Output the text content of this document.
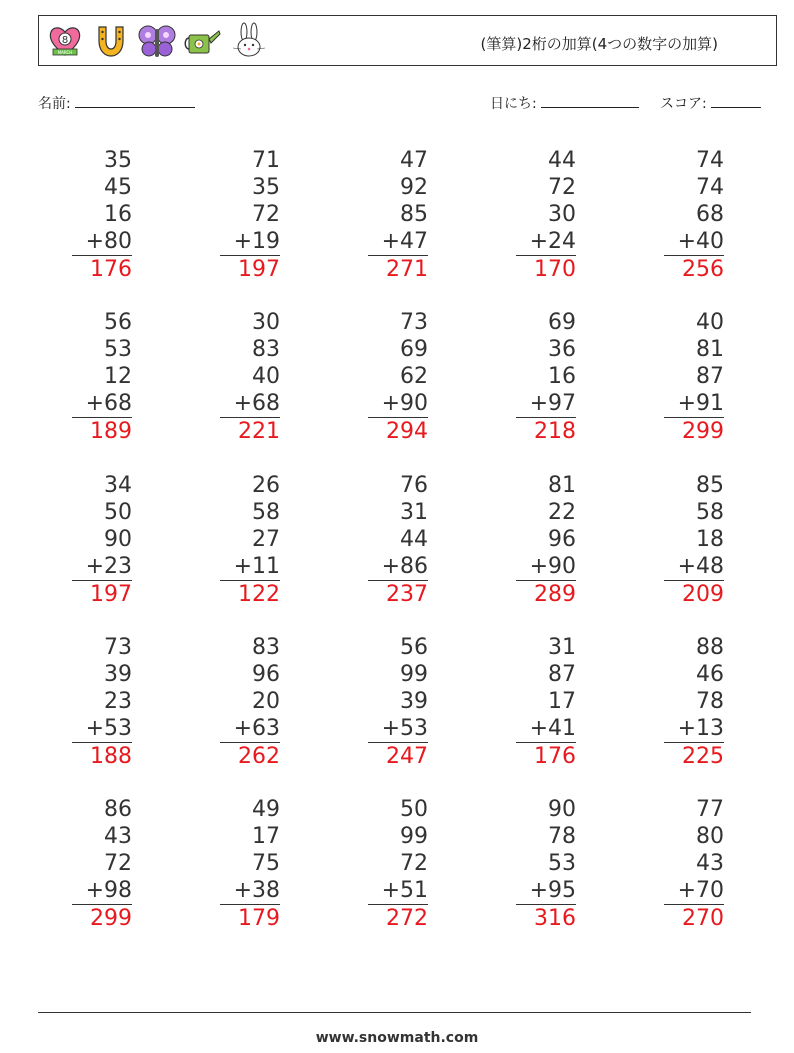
8
MARCH	(筆算)2桁の加算(4つの数字の加算)
名前:	日にち:	スコア:
35
45
16
+80
176
71
35
72
+19
197
47
92
85
+47
271
44
72
30
+24
170
74
74
68
+40
256
56
53
12
+68
189
30
83
40
+68
221
73
69
62
+90
294
69
36
16
+97
218
40
81
87
+91
299
34
50
90
+23
197
26
58
27
+11
122
76
31
44
+86
237
81
22
96
+90
289
85
58
18
+48
209
73
39
23
+53
188
83
96
20
+63
262
56
99
39
+53
247
31
87
17
+41
176
88
46
78
+13
225
86
43
72
+98
299
49
17
75
+38
179
50
99
72
+51
272
90
78
53
+95
316
77
80
43
+70
270
www.snowmath.com
